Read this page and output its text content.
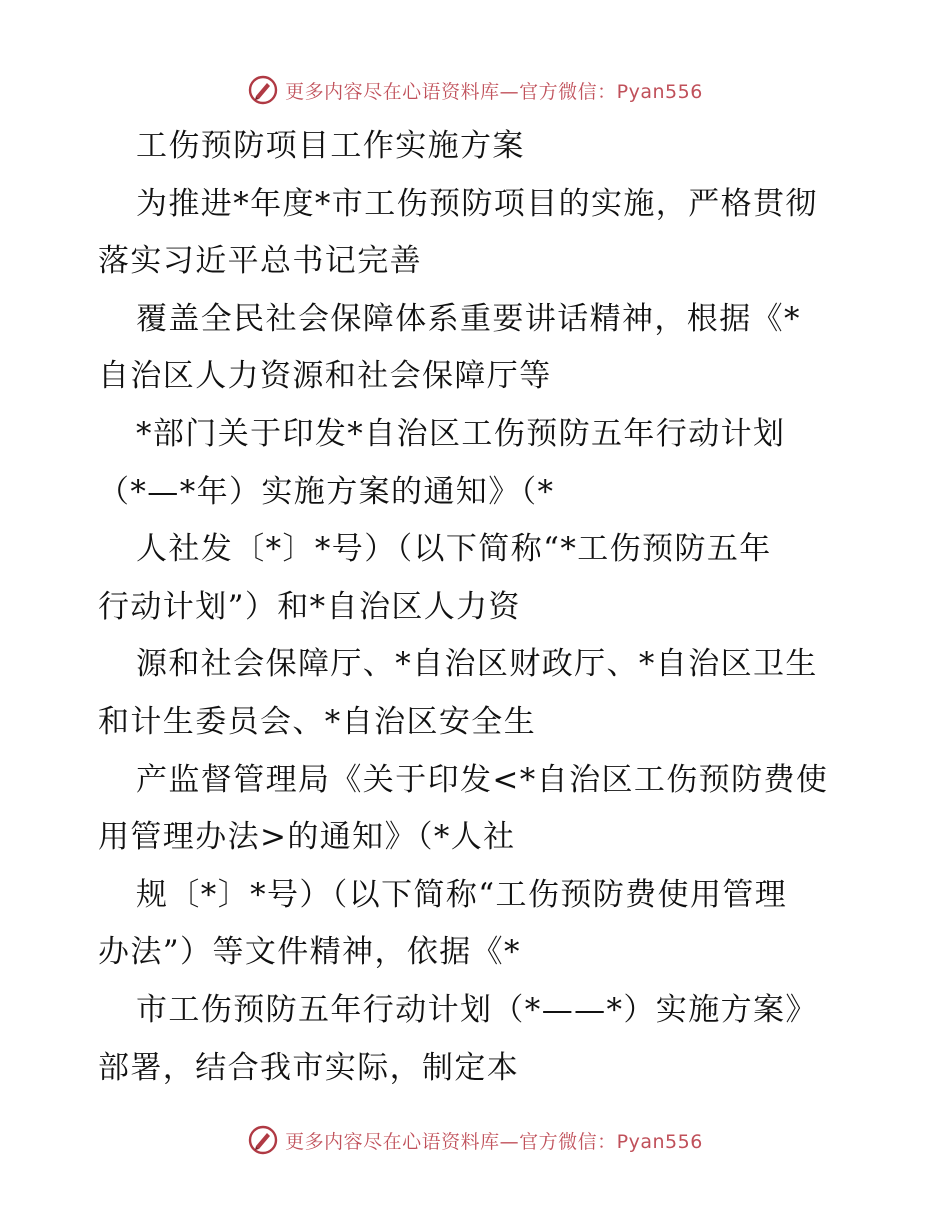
更多内容尽在心语资料库—官方微信：Pyan556
工伤预防项目工作实施方案
为推进*年度*市工伤预防项目的实施，严格贯彻
落实习近平总书记完善
覆盖全民社会保障体系重要讲话精神，根据《*
自治区人力资源和社会保障厅等
*部门关于印发*自治区工伤预防五年行动计划
（*—*年）实施方案的通知》（*
人社发〔*〕*号）（以下简称“*工伤预防五年
行动计划”）和*自治区人力资
源和社会保障厅、*自治区财政厅、*自治区卫生
和计生委员会、*自治区安全生
产监督管理局《关于印发<*自治区工伤预防费使
用管理办法>的通知》（*人社
规〔*〕*号）（以下简称“工伤预防费使用管理
办法”）等文件精神，依据《*
市工伤预防五年行动计划（*——*）实施方案》
部署，结合我市实际，制定本
更多内容尽在心语资料库—官方微信：Pyan556
